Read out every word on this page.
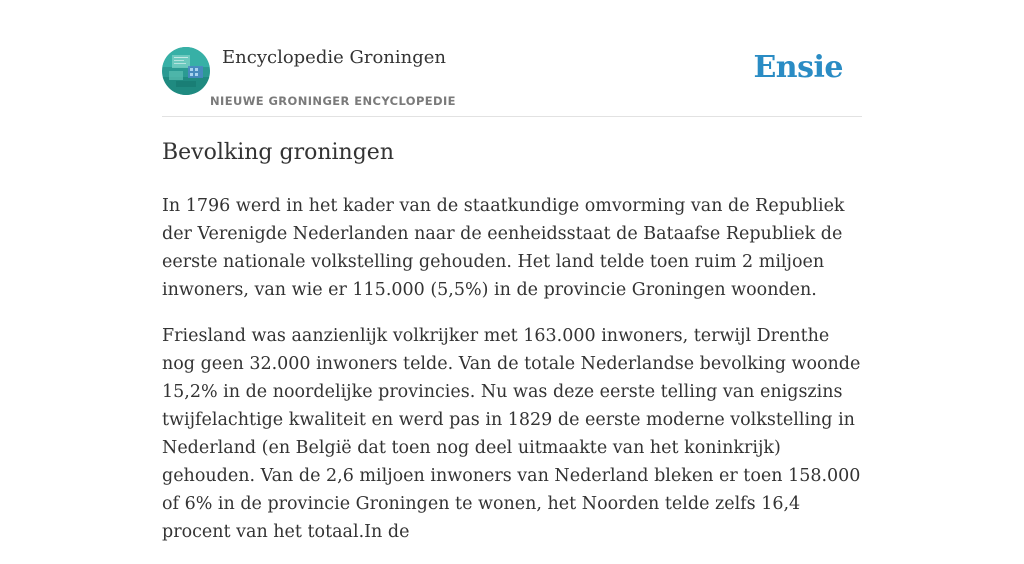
Encyclopedie Groningen
NIEUWE GRONINGER ENCYCLOPEDIE
Ensie
Bevolking groningen

In 1796 werd in het kader van de staatkundige omvorming van de Republiek der Verenigde Nederlanden naar de eenheidsstaat de Bataafse Republiek de eerste nationale volkstelling gehouden. Het land telde toen ruim 2 miljoen inwoners, van wie er 115.000 (5,5%) in de provincie Groningen woonden.

Friesland was aanzienlijk volkrijker met 163.000 inwoners, terwijl Drenthe nog geen 32.000 inwoners telde. Van de totale Nederlandse bevolking woonde 15,2% in de noordelijke provincies. Nu was deze eerste telling van enigszins twijfelachtige kwaliteit en werd pas in 1829 de eerste moderne volkstelling in Nederland (en België dat toen nog deel uitmaakte van het koninkrijk) gehouden. Van de 2,6 miljoen inwoners van Nederland bleken er toen 158.000 of 6% in de provincie Groningen te wonen, het Noorden telde zelfs 16,4 procent van het totaal.In de
